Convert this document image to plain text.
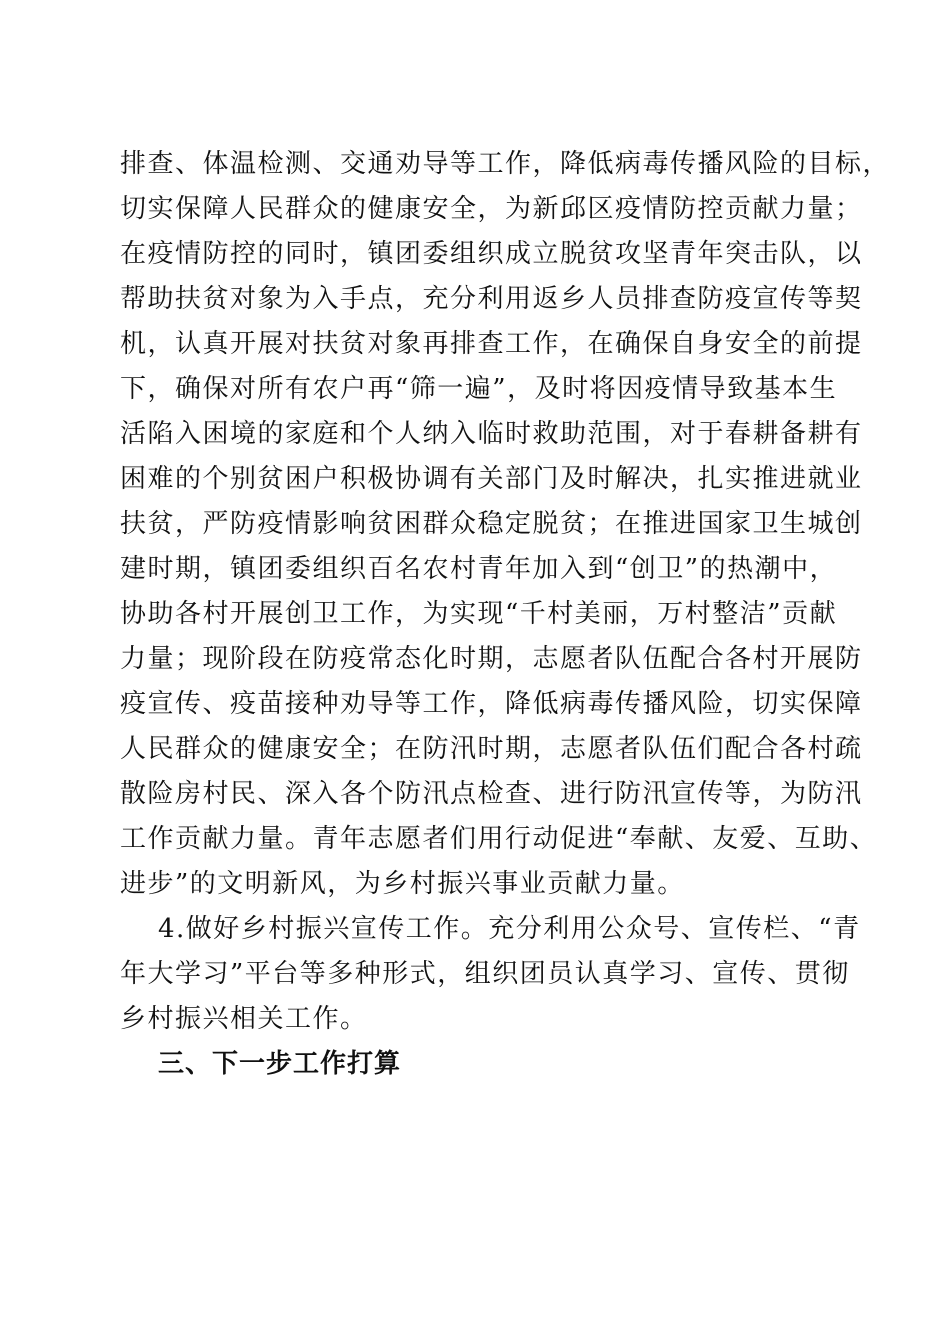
排查、体温检测、交通劝导等工作，降低病毒传播风险的目标，
切实保障人民群众的健康安全，为新邱区疫情防控贡献力量；
在疫情防控的同时，镇团委组织成立脱贫攻坚青年突击队，以
帮助扶贫对象为入手点，充分利用返乡人员排查防疫宣传等契
机，认真开展对扶贫对象再排查工作，在确保自身安全的前提
下，确保对所有农户再“筛一遍”，及时将因疫情导致基本生
活陷入困境的家庭和个人纳入临时救助范围，对于春耕备耕有
困难的个别贫困户积极协调有关部门及时解决，扎实推进就业
扶贫，严防疫情影响贫困群众稳定脱贫；在推进国家卫生城创
建时期，镇团委组织百名农村青年加入到“创卫”的热潮中，
协助各村开展创卫工作，为实现“千村美丽，万村整洁”贡献
力量；现阶段在防疫常态化时期，志愿者队伍配合各村开展防
疫宣传、疫苗接种劝导等工作，降低病毒传播风险，切实保障
人民群众的健康安全；在防汛时期，志愿者队伍们配合各村疏
散险房村民、深入各个防汛点检查、进行防汛宣传等，为防汛
工作贡献力量。青年志愿者们用行动促进“奉献、友爱、互助、
进步”的文明新风，为乡村振兴事业贡献力量。
4.做好乡村振兴宣传工作。充分利用公众号、宣传栏、“青
年大学习”平台等多种形式，组织团员认真学习、宣传、贯彻
乡村振兴相关工作。
三、下一步工作打算
